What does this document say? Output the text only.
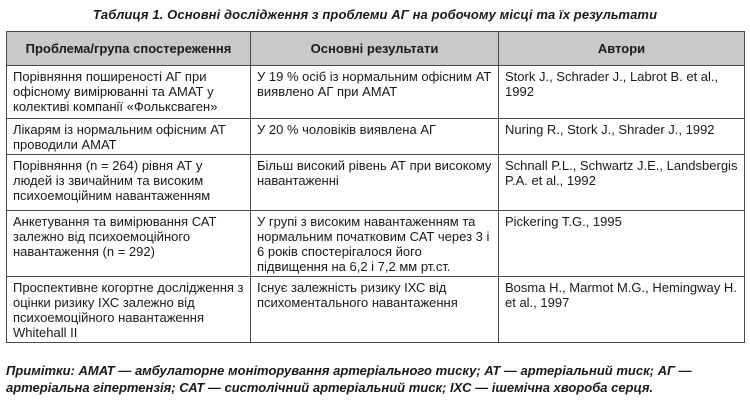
Таблиця 1. Основні дослідження з проблеми АГ на робочому місці та їх результати
Проблема/група спостереження	Основні результати	Автори
Порівняння поширеності АГ при офісному вимірюванні та АМАТ у колективі компанії «Фольксваген»	У 19 % осіб із нормальним офісним АТ виявлено АГ при АМАТ	Stork J., Schrader J., Labrot B. et al., 1992
Лікарям із нормальним офісним АТ проводили АМАТ	У 20 % чоловіків виявлена АГ	Nuring R., Stork J., Shrader J., 1992
Порівняння (n = 264) рівня АТ у людей із звичайним та високим психоемоційним навантаженням	Більш високий рівень АТ при високому навантаженні	Schnall P.L., Schwartz J.E., Landsbergis P.A. et al., 1992
Анкетування та вимірювання САТ залежно від психоемоційного навантаження (n = 292)	У групі з високим навантаженням та нормальним початковим САТ через 3 і 6 років спостерігалося його підвищення на 6,2 і 7,2 мм рт.ст.	Pickering T.G., 1995
Проспективне когортне дослідження з оцінки ризику ІХС залежно від психоемоційного навантаження Whitehall II	Існує залежність ризику ІХС від психоментального навантаження	Bosma H., Marmot M.G., Hemingway H. et al., 1997
Примітки: АМАТ — амбулаторне моніторування артеріального тиску; АТ — артеріальний тиск; АГ — артеріальна гіпертензія; САТ — систолічний артеріальний тиск; ІХС — ішемічна хвороба серця.
